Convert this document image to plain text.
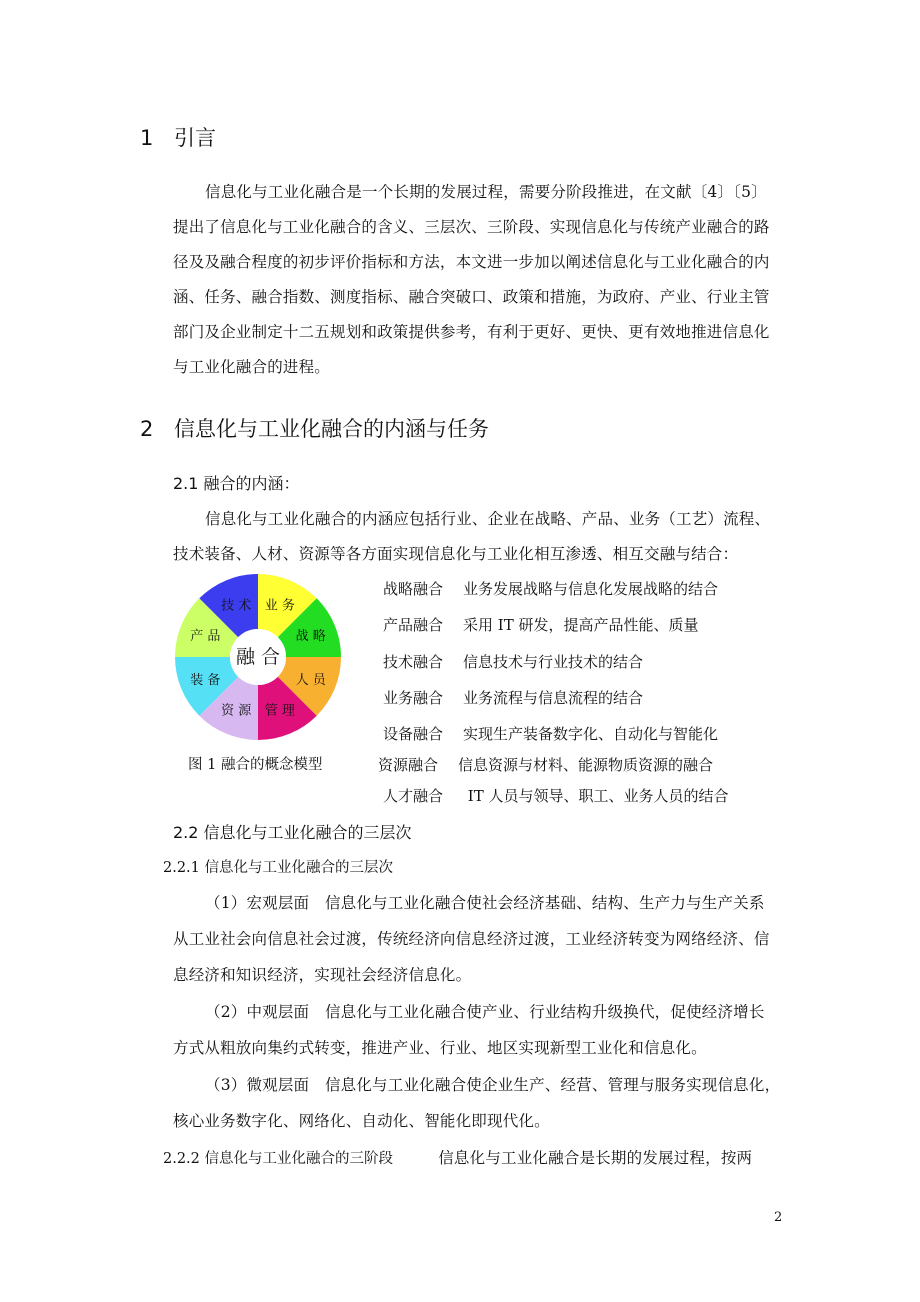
1 引言
信息化与工业化融合是一个长期的发展过程，需要分阶段推进，在文献〔4〕〔5〕
提出了信息化与工业化融合的含义、三层次、三阶段、实现信息化与传统产业融合的路
径及及融合程度的初步评价指标和方法，本文进一步加以阐述信息化与工业化融合的内
涵、任务、融合指数、测度指标、融合突破口、政策和措施，为政府、产业、行业主管
部门及企业制定十二五规划和政策提供参考，有利于更好、更快、更有效地推进信息化
与工业化融合的进程。
2 信息化与工业化融合的内涵与任务
2.1 融合的内涵：
信息化与工业化融合的内涵应包括行业、企业在战略、产品、业务（工艺）流程、
技术装备、人材、资源等各方面实现信息化与工业化相互渗透、相互交融与结合：
融 合
业 务
战 略
人 员
管 理
资 源
装 备
产 品
技 术
图 1 融合的概念模型
战略融合 业务发展战略与信息化发展战略的结合
产品融合 采用 IT 研发，提高产品性能、质量
技术融合 信息技术与行业技术的结合
业务融合 业务流程与信息流程的结合
设备融合 实现生产装备数字化、自动化与智能化
资源融合 信息资源与材料、能源物质资源的融合
人才融合 IT 人员与领导、职工、业务人员的结合
2.2 信息化与工业化融合的三层次
2.2.1 信息化与工业化融合的三层次
（1）宏观层面　信息化与工业化融合使社会经济基础、结构、生产力与生产关系
从工业社会向信息社会过渡，传统经济向信息经济过渡，工业经济转变为网络经济、信
息经济和知识经济，实现社会经济信息化。
（2）中观层面　信息化与工业化融合使产业、行业结构升级换代，促使经济增长
方式从粗放向集约式转变，推进产业、行业、地区实现新型工业化和信息化。
（3）微观层面　信息化与工业化融合使企业生产、经营、管理与服务实现信息化，
核心业务数字化、网络化、自动化、智能化即现代化。
2.2.2 信息化与工业化融合的三阶段	信息化与工业化融合是长期的发展过程，按两
2
